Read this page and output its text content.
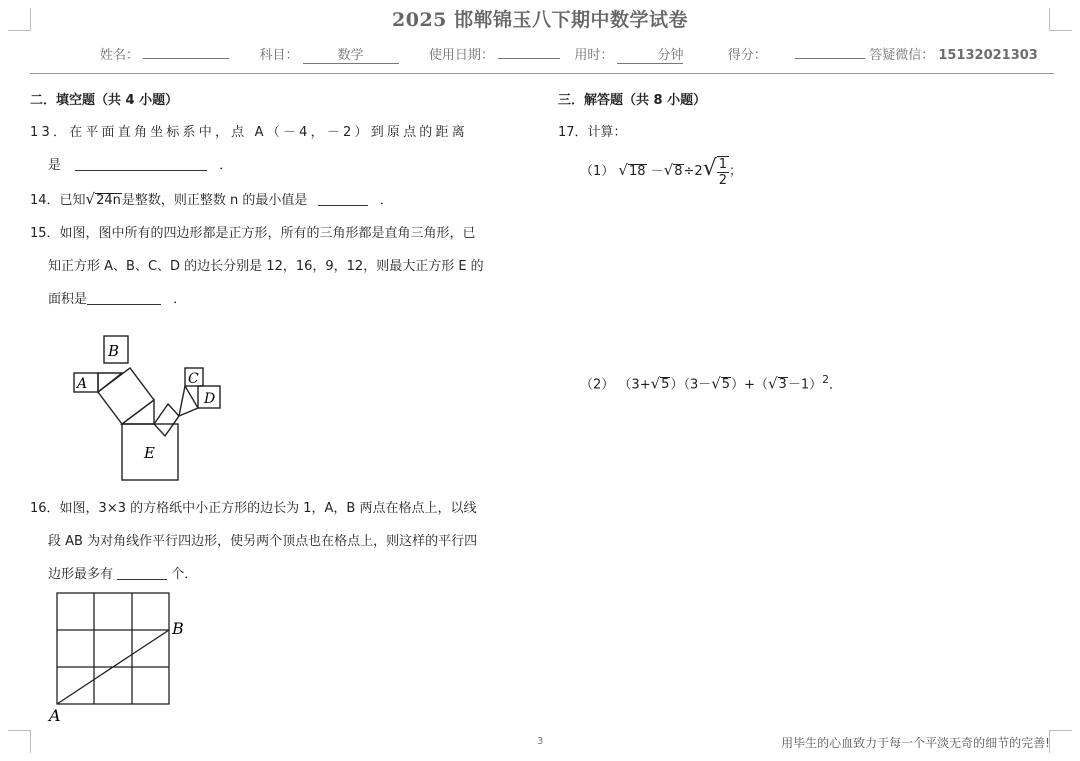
2025 邯郸锦玉八下期中数学试卷
姓名：	科目：	数学	使用日期：	用时：	分钟	得分：	答疑微信： 15132021303
二．填空题（共 4 小题）
13．在平面直角坐标系中，点 A（－4，－2）到原点的距离
是	．
14．已知√24n是整数，则正整数 n 的最小值是	．
15．如图，图中所有的四边形都是正方形，所有的三角形都是直角三角形，已
知正方形 A、B、C、D 的边长分别是 12，16，9，12，则最大正方形 E 的
面积是	．
B
A	C
D
E
16．如图，3×3 的方格纸中小正方形的边长为 1，A，B 两点在格点上，以线
段 AB 为对角线作平行四边形，使另两个顶点也在格点上，则这样的平行四
边形最多有	个．
B
A
三．解答题（共 8 小题）
17．计算：
（1） $√18 -√8\div 2√ \frac{1}{2}$ ；
（2） $(3+√5)(3-√5)+(√3-1)^2$．
3	用毕生的心血致力于每一个平淡无奇的细节的完善!
